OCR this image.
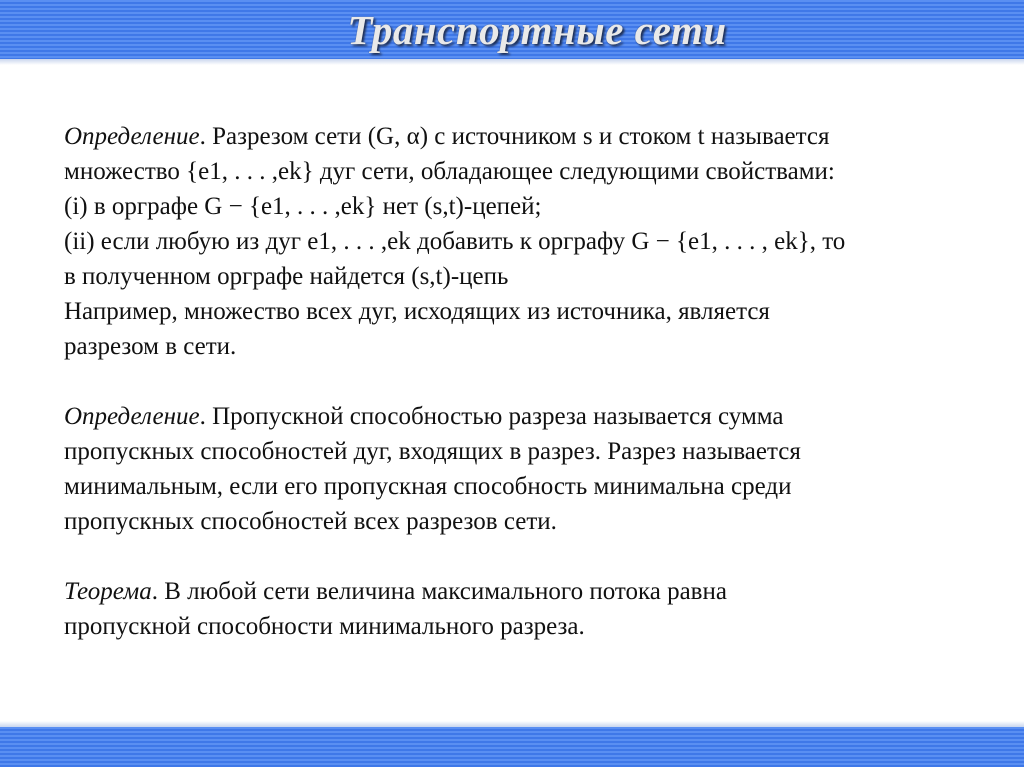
Транспортные сети

Определение. Разрезом сети (G, α) с источником s и стоком t называется

множество {e1, . . . ,ek} дуг сети, обладающее следующими свойствами:

(i) в орграфе G − {e1, . . . ,ek} нет (s,t)-цепей;

(ii) если любую из дуг e1, . . . ,ek добавить к орграфу G − {e1, . . . , ek}, то

в полученном орграфе найдется (s,t)-цепь

Например, множество всех дуг, исходящих из источника, является

разрезом в сети.

Определение. Пропускной способностью разреза называется сумма

пропускных способностей дуг, входящих в разрез. Разрез называется

минимальным, если его пропускная способность минимальна среди

пропускных способностей всех разрезов сети.

Теорема. В любой сети величина максимального потока равна

пропускной способности минимального разреза.
